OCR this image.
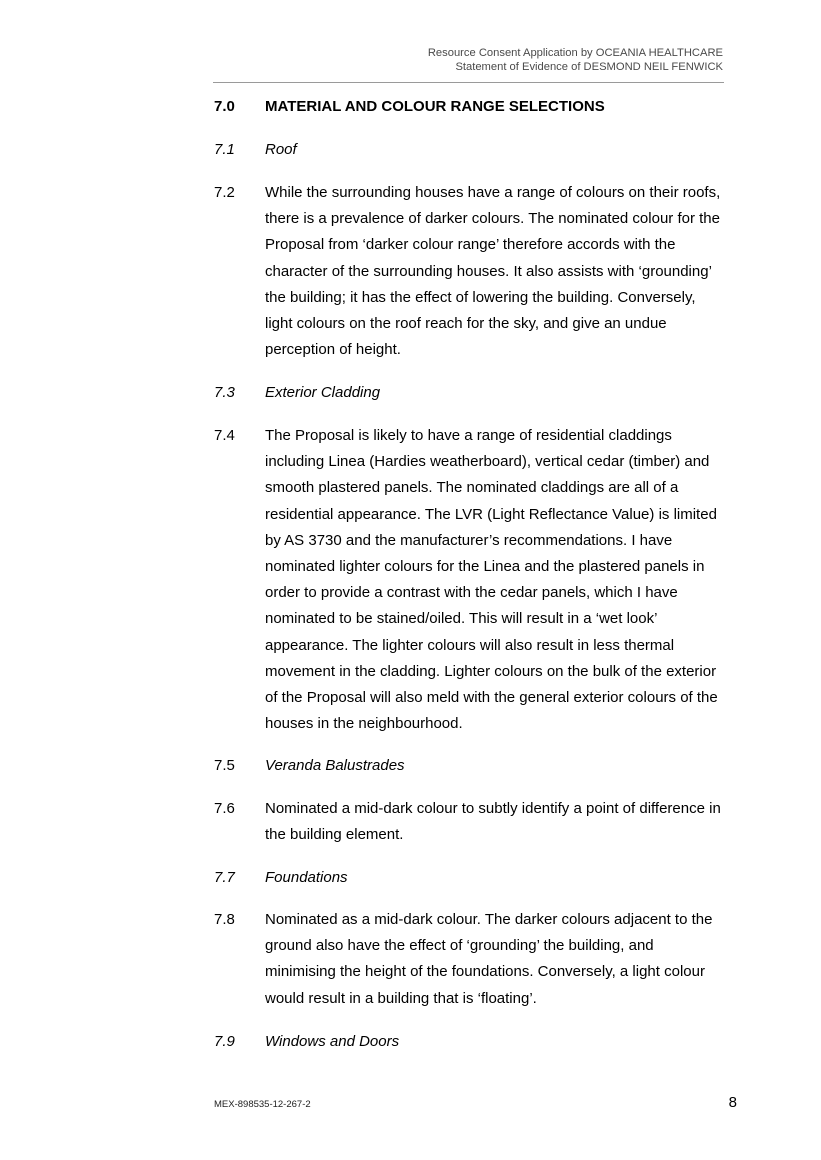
Resource Consent Application by OCEANIA HEALTHCARE
Statement of Evidence of DESMOND NEIL FENWICK
7.0 MATERIAL AND COLOUR RANGE SELECTIONS
7.1 Roof
7.2 While the surrounding houses have a range of colours on their roofs, there is a prevalence of darker colours. The nominated colour for the Proposal from ‘darker colour range’ therefore accords with the character of the surrounding houses. It also assists with ‘grounding’ the building; it has the effect of lowering the building. Conversely, light colours on the roof reach for the sky, and give an undue perception of height.
7.3 Exterior Cladding
7.4 The Proposal is likely to have a range of residential claddings including Linea (Hardies weatherboard), vertical cedar (timber) and smooth plastered panels. The nominated claddings are all of a residential appearance. The LVR (Light Reflectance Value) is limited by AS 3730 and the manufacturer’s recommendations. I have nominated lighter colours for the Linea and the plastered panels in order to provide a contrast with the cedar panels, which I have nominated to be stained/oiled. This will result in a ‘wet look’ appearance. The lighter colours will also result in less thermal movement in the cladding. Lighter colours on the bulk of the exterior of the Proposal will also meld with the general exterior colours of the houses in the neighbourhood.
7.5 Veranda Balustrades
7.6 Nominated a mid-dark colour to subtly identify a point of difference in the building element.
7.7 Foundations
7.8 Nominated as a mid-dark colour. The darker colours adjacent to the ground also have the effect of ‘grounding’ the building, and minimising the height of the foundations. Conversely, a light colour would result in a building that is ‘floating’.
7.9 Windows and Doors
MEX-898535-12-267-2	8
